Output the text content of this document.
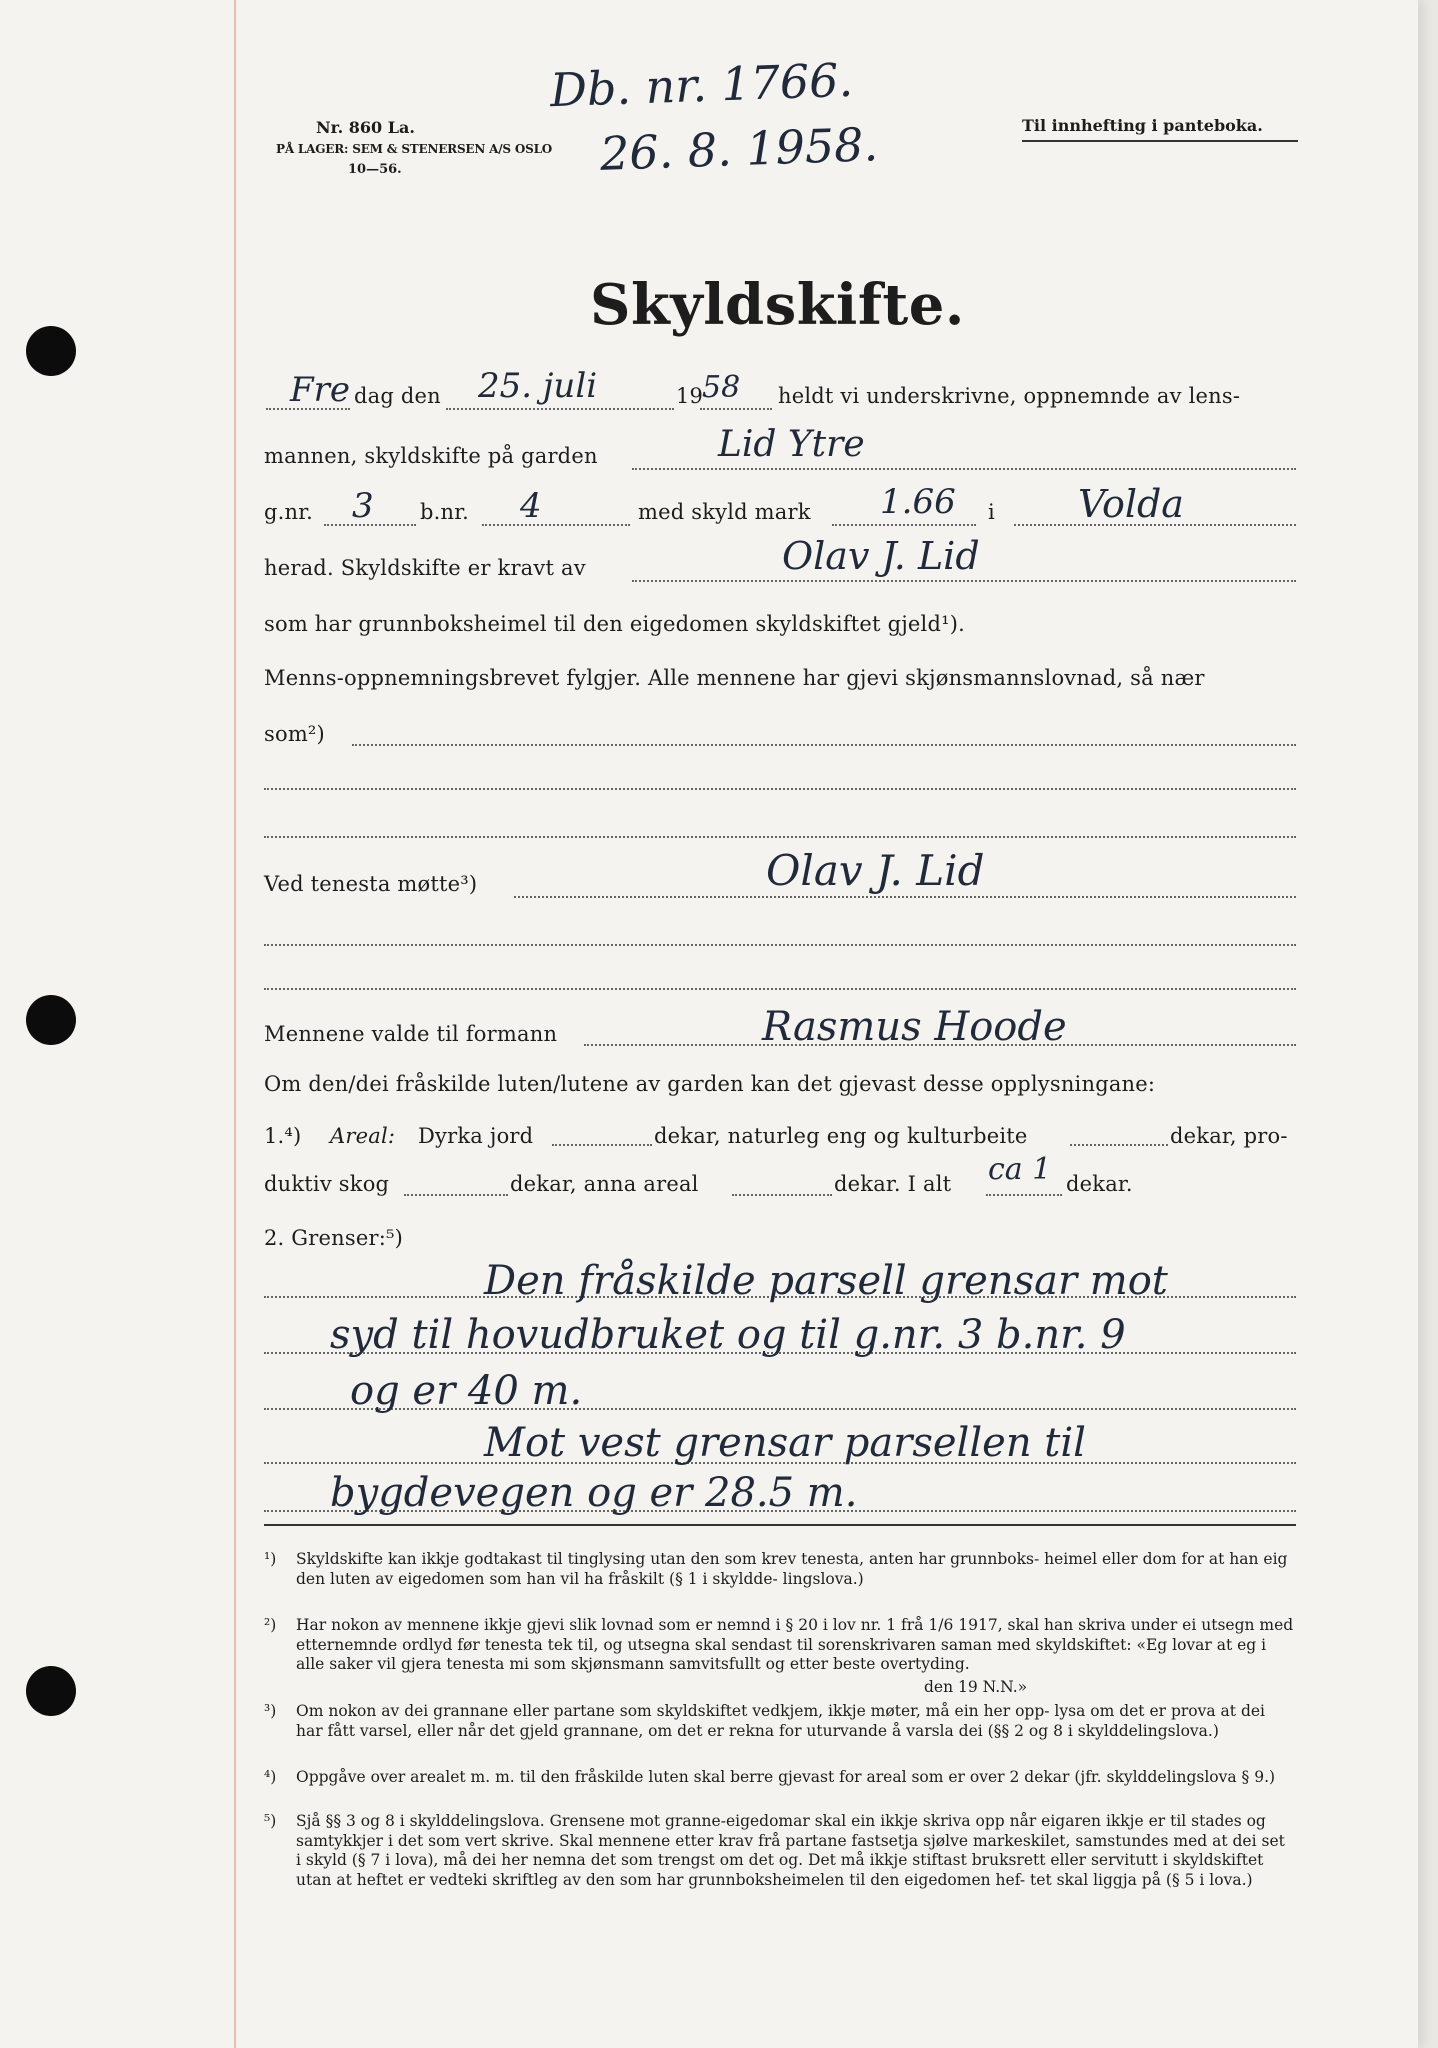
Nr. 860 La.
PÅ LAGER: SEM & STENERSEN A/S OSLO
10—56.
Db. nr. 1766.
26. 8. 1958.	Til innhefting i panteboka.
Skyldskifte.
Fre dag den 25. juli	19
58 heldt vi underskrivne, oppnemnde av lens-
mannen, skyldskifte på garden	Lid Ytre
g.nr. 3 b.nr. 4	med skyld mark 1.66 i Volda
herad. Skyldskifte er kravt av	Olav J. Lid
som har grunnboksheimel til den eigedomen skyldskiftet gjeld¹).
Menns-oppnemningsbrevet fylgjer. Alle mennene har gjevi skjønsmannslovnad, så nær
som²)
Ved tenesta møtte³)	Olav J. Lid
Mennene valde til formann	Rasmus Hoode
Om den/dei fråskilde luten/lutene av garden kan det gjevast desse opplysningane:
1.⁴) Areal: Dyrka jord	dekar, naturleg eng og kulturbeite	dekar, pro-
duktiv skog	dekar, anna areal	dekar. I alt ca 1 dekar.
2. Grenser:⁵)
Den fråskilde parsell grensar mot
syd til hovudbruket og til g.nr. 3 b.nr. 9
og er 40 m.
Mot vest grensar parsellen til
bygdevegen og er 28.5 m.
¹) Skyldskifte kan ikkje godtakast til tinglysing utan den som krev tenesta, anten har grunnboks- heimel eller dom for at han eig den luten av eigedomen som han vil ha fråskilt (§ 1 i skyldde- lingslova.)
²) Har nokon av mennene ikkje gjevi slik lovnad som er nemnd i § 20 i lov nr. 1 frå 1/6 1917, skal han skriva under ei utsegn med etternemnde ordlyd før tenesta tek til, og utsegna skal sendast til sorenskrivaren saman med skyldskiftet: «Eg lovar at eg i alle saker vil gjera tenesta mi som skjønsmann samvitsfullt og etter beste overtyding.
den 19 N.N.»
³) Om nokon av dei grannane eller partane som skyldskiftet vedkjem, ikkje møter, må ein her opp- lysa om det er prova at dei har fått varsel, eller når det gjeld grannane, om det er rekna for uturvande å varsla dei (§§ 2 og 8 i skylddelingslova.)
⁴) Oppgåve over arealet m. m. til den fråskilde luten skal berre gjevast for areal som er over 2 dekar (jfr. skylddelingslova § 9.)
⁵) Sjå §§ 3 og 8 i skylddelingslova. Grensene mot granne-eigedomar skal ein ikkje skriva opp når eigaren ikkje er til stades og samtykkjer i det som vert skrive. Skal mennene etter krav frå partane fastsetja sjølve markeskilet, samstundes med at dei set i skyld (§ 7 i lova), må dei her nemna det som trengst om det og. Det må ikkje stiftast bruksrett eller servitutt i skyldskiftet utan at heftet er vedteki skriftleg av den som har grunnboksheimelen til den eigedomen hef- tet skal liggja på (§ 5 i lova.)
